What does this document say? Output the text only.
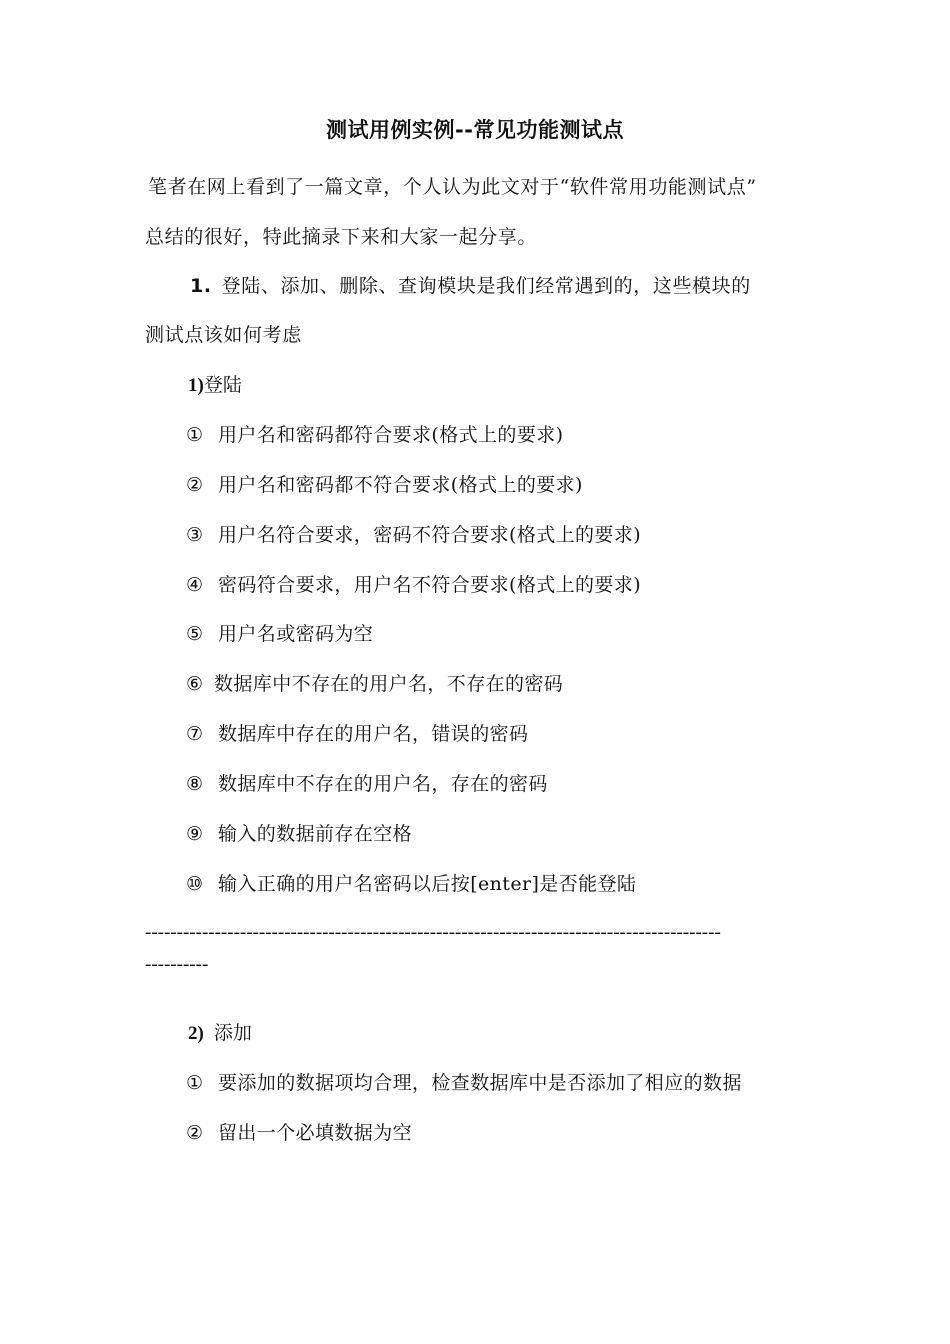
测试用例实例--常见功能测试点
笔者在网上看到了一篇文章，个人认为此文对于“软件常用功能测试点”
总结的很好，特此摘录下来和大家一起分享。
1. 登陆、添加、删除、查询模块是我们经常遇到的，这些模块的
测试点该如何考虑
1)登陆
① 用户名和密码都符合要求(格式上的要求)
② 用户名和密码都不符合要求(格式上的要求)
③ 用户名符合要求，密码不符合要求(格式上的要求)
④ 密码符合要求，用户名不符合要求(格式上的要求)
⑤ 用户名或密码为空
⑥ 数据库中不存在的用户名，不存在的密码
⑦ 数据库中存在的用户名，错误的密码
⑧ 数据库中不存在的用户名，存在的密码
⑨ 输入的数据前存在空格
⑩ 输入正确的用户名密码以后按[enter]是否能登陆
-------------------------------------------------------------------------------------------
----------
2) 添加
① 要添加的数据项均合理，检查数据库中是否添加了相应的数据
② 留出一个必填数据为空
